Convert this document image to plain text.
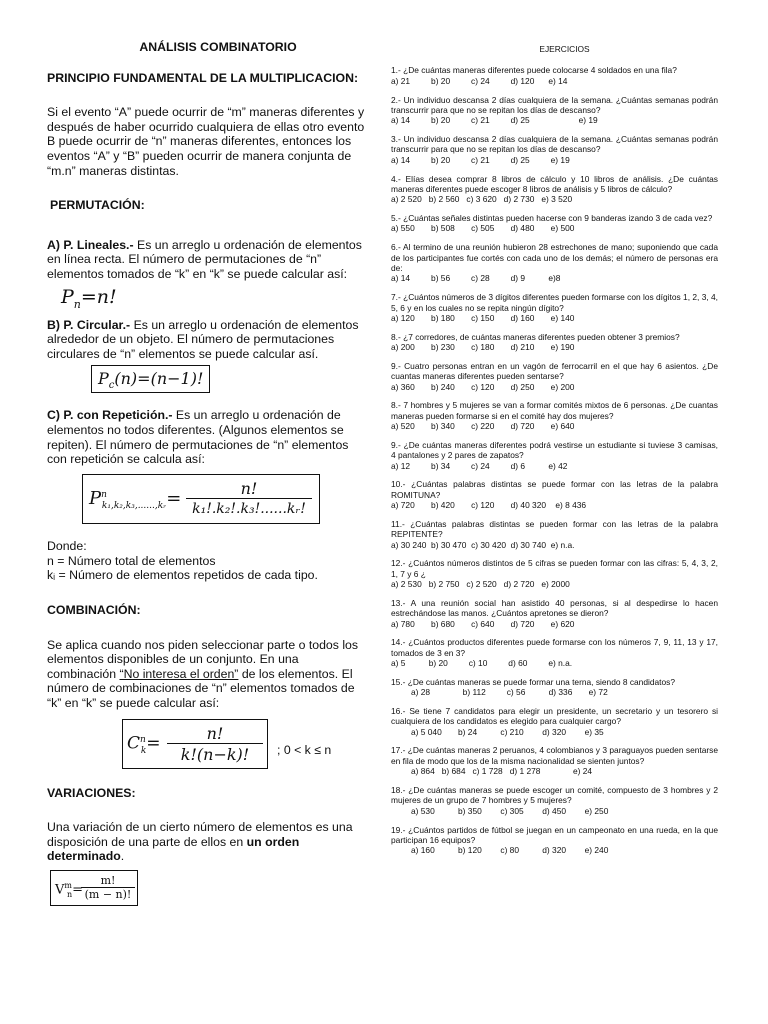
ANÁLISIS COMBINATORIO
PRINCIPIO FUNDAMENTAL DE LA MULTIPLICACION:
Si el evento “A” puede ocurrir de “m” maneras diferentes y después de haber ocurrido cualquiera de ellas otro evento B puede ocurrir de “n” maneras diferentes, entonces los eventos “A” y “B” pueden ocurrir de manera conjunta de “m.n” maneras distintas.
PERMUTACIÓN:
A) P. Lineales.- Es un arreglo u ordenación de elementos en línea recta. El número de permutaciones de “n” elementos tomados de “k” en “k” se puede calcular así:
$P_n=n$!
B) P. Circular.- Es un arreglo u ordenación de elementos alrededor de un objeto. El número de permutaciones circulares de “n” elementos se puede calcular así.
$P_c(n)=(n-1)$!
C) P. con Repetición.- Es un arreglo u ordenación de elementos no todos diferentes. (Algunos elementos se repiten). El número de permutaciones de “n” elementos con repetición se calcula así:
$P^n_{k_1,k_2,k_3,......,kᵣ}=$	n!
k₁!.k₂!.k₃!......kᵣ!
Donde:
n = Número total de elementos
kᵢ = Número de elementos repetidos de cada tipo.
COMBINACIÓN:
Se aplica cuando nos piden seleccionar parte o todos los elementos disponibles de un conjunto. En una combinación “No interesa el orden” de los elementos. El número de combinaciones de “n” elementos tomados de “k” en “k” se puede calcular así:
$C^n_k=$
n!
k!(n−k)!	; 0 < k ≤ n
VARIACIONES:
Una variación de un cierto número de elementos es una disposición de una parte de ellos en un orden determinado.
$V^m_n=$
m!
(m − n)!
EJERCICIOS
1.- ¿De cuántas maneras diferentes puede colocarse 4 soldados en una fila?
a) 21         b) 20         c) 24         d) 120      e) 14
2.- Un individuo descansa 2 días cualquiera de la semana. ¿Cuántas semanas podrán transcurrir para que no se repitan los días de descanso?
a) 14         b) 20         c) 21         d) 25                     e) 19
3.- Un individuo descansa 2 días cualquiera de la semana. ¿Cuántas semanas podrán transcurrir para que no se repitan los días de descanso?
a) 14         b) 20         c) 21         d) 25         e) 19
4.- Elías desea comprar 8 libros de cálculo y 10 libros de análisis. ¿De cuántas maneras diferentes puede escoger 8 libros de análisis y 5 libros de cálculo?
a) 2 520   b) 2 560   c) 3 620   d) 2 730   e) 3 520
5.- ¿Cuántas señales distintas pueden hacerse con 9 banderas izando 3 de cada vez?
a) 550       b) 508       c) 505       d) 480       e) 500
6.- Al termino de una reunión hubieron 28 estrechones de mano; suponiendo que cada de los participantes fue cortés con cada uno de los demás; el número de personas era de:
a) 14         b) 56         c) 28         d) 9          e)8
7.- ¿Cuántos números de 3 dígitos diferentes pueden formarse con los dígitos 1, 2, 3, 4, 5, 6 y en los cuales no se repita ningún dígito?
a) 120       b) 180       c) 150       d) 160       e) 140
8.- ¿7 corredores, de cuántas maneras diferentes pueden obtener 3 premios?
a) 200       b) 230       c) 180       d) 210       e) 190
9.- Cuatro personas entran en un vagón de ferrocarril en el que hay 6 asientos. ¿De cuantas maneras diferentes pueden sentarse?
a) 360       b) 240       c) 120       d) 250       e) 200
8.- 7 hombres y 5 mujeres se van a formar comités mixtos de 6 personas. ¿De cuantas maneras pueden formarse si en el comité hay dos mujeres?
a) 520       b) 340       c) 220       d) 720       e) 640
9.- ¿De cuántas maneras diferentes podrá vestirse un estudiante si tuviese 3 camisas, 4 pantalones y 2 pares de zapatos?
a) 12         b) 34         c) 24         d) 6          e) 42
10.- ¿Cuántas palabras distintas se puede formar con las letras de la palabra ROMITUNA?
a) 720       b) 420       c) 120       d) 40 320    e) 8 436
11.- ¿Cuántas palabras distintas se pueden formar con las letras de la palabra REPITENTE?
a) 30 240  b) 30 470  c) 30 420  d) 30 740  e) n.a.
12.- ¿Cuántos números distintos de 5 cifras se pueden formar con las cifras: 5, 4, 3, 2, 1, 7 y 6 ¿
a) 2 530   b) 2 750   c) 2 520   d) 2 720   e) 2000
13.- A una reunión social han asistido 40 personas, si al despedirse lo hacen estrechándose las manos. ¿Cuántos apretones se dieron?
a) 780       b) 680       c) 640       d) 720       e) 620
14.- ¿Cuántos productos diferentes puede formarse con los números 7, 9, 11, 13 y 17, tomados de 3 en 3?
a) 5          b) 20         c) 10         d) 60         e) n.a.
15.- ¿De cuántas maneras se puede formar una terna, siendo 8 candidatos?
a) 28              b) 112         c) 56          d) 336       e) 72
16.- Se tiene 7 candidatos para elegir un presidente, un secretario y un tesorero si cualquiera de los candidatos es elegido para cualquier cargo?
a) 5 040       b) 24          c) 210        d) 320        e) 35
17.- ¿De cuántas maneras 2 peruanos, 4 colombianos y 3 paraguayos pueden sentarse en fila de modo que los de la misma nacionalidad se sienten juntos?
a) 864   b) 684   c) 1 728   d) 1 278              e) 24
18.- ¿De cuántas maneras se puede escoger un comité, compuesto de 3 hombres y 2 mujeres de un grupo de 7 hombres y 5 mujeres?
a) 530          b) 350        c) 305        d) 450        e) 250
19.- ¿Cuántos partidos de fútbol se juegan en un campeonato en una rueda, en la que participan 16 equipos?
a) 160          b) 120        c) 80          d) 320        e) 240
